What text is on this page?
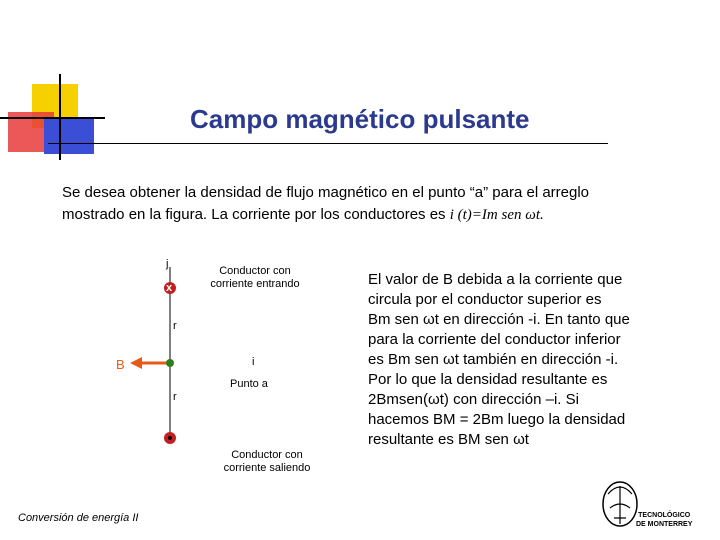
Campo magnético pulsante
Se desea obtener la densidad de flujo magnético en el punto “a” para el arreglo
mostrado en la figura. La corriente por los conductores es i (t)=Im sen ωt.
j
x
r
i
r
B
Conductor con corriente entrando
Punto a
Conductor con corriente saliendo
El valor de B debida a la corriente que
circula por el conductor superior es
Bm sen ωt en dirección -i. En tanto que
para la corriente del conductor inferior
es Bm sen ωt también en dirección -i.
Por lo que la densidad resultante es
2Bmsen(ωt) con dirección –i. Si
hacemos BM = 2Bm luego la densidad
resultante es BM sen ωt
Conversión de energía II	TECNOLÓGICO
DE MONTERREY
